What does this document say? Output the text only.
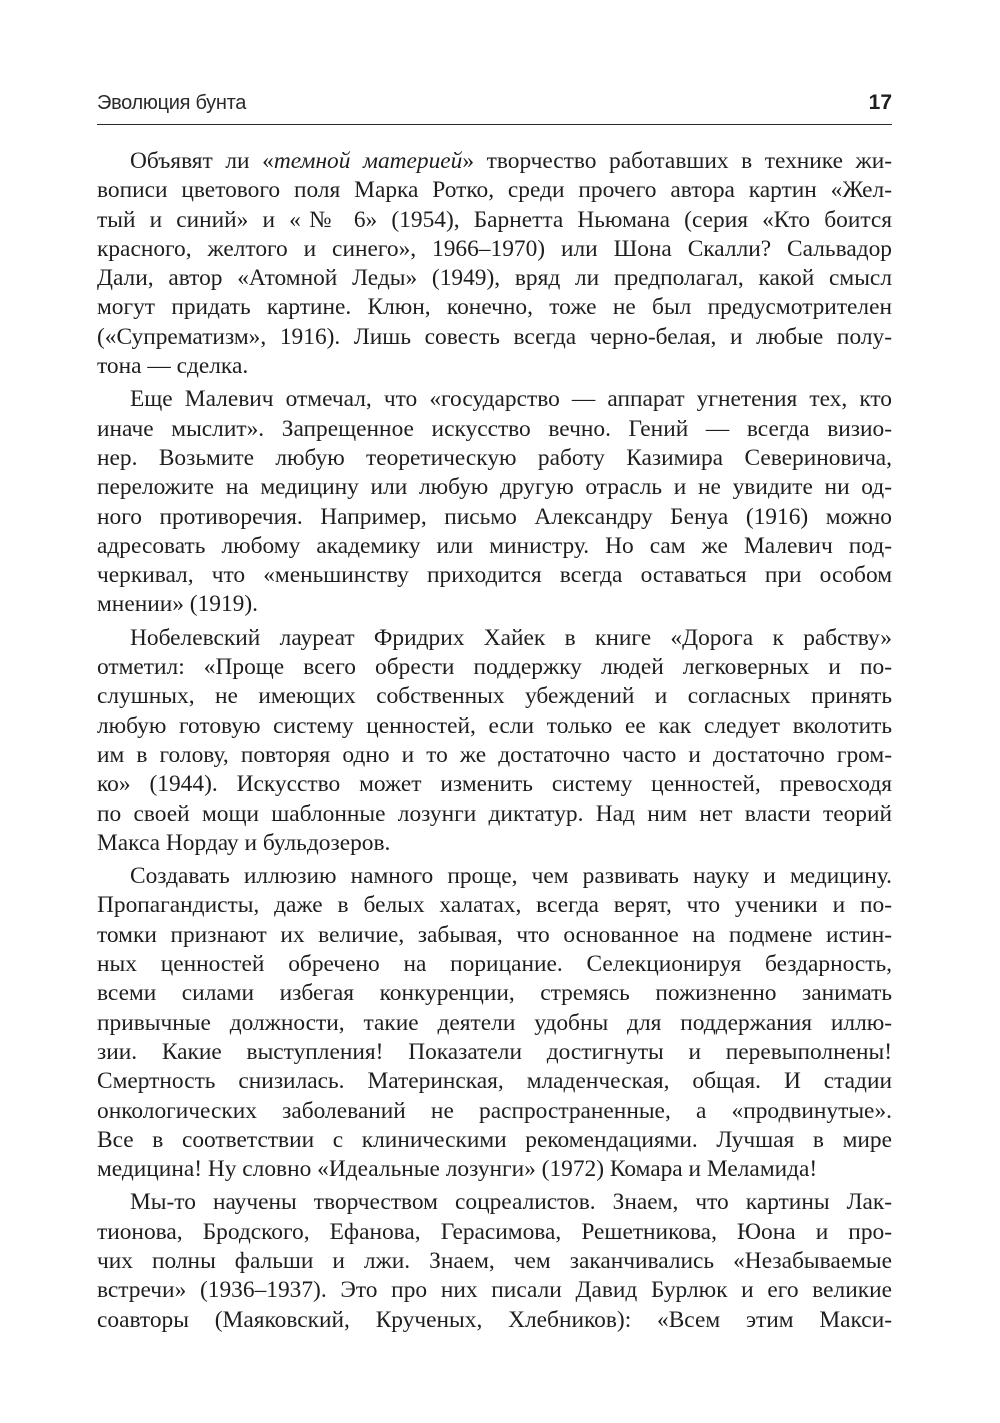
Эволюция бунта	17
Объявят ли «темной материей» творчество работавших в технике жи-
вописи цветового поля Марка Ротко, среди прочего автора картин «Жел-
тый и синий» и «№ 6» (1954), Барнетта Ньюмана (серия «Кто боится
красного, желтого и синего», 1966–1970) или Шона Скалли? Сальвадор
Дали, автор «Атомной Леды» (1949), вряд ли предполагал, какой смысл
могут придать картине. Клюн, конечно, тоже не был предусмотрителен
(«Супрематизм», 1916). Лишь совесть всегда черно-белая, и любые полу-
тона — сделка.
Еще Малевич отмечал, что «государство — аппарат угнетения тех, кто
иначе мыслит». Запрещенное искусство вечно. Гений — всегда визио-
нер. Возьмите любую теоретическую работу Казимира Севериновича,
переложите на медицину или любую другую отрасль и не увидите ни од-
ного противоречия. Например, письмо Александру Бенуа (1916) можно
адресовать любому академику или министру. Но сам же Малевич под-
черкивал, что «меньшинству приходится всегда оставаться при особом
мнении» (1919).
Нобелевский лауреат Фридрих Хайек в книге «Дорога к рабству»
отметил: «Проще всего обрести поддержку людей легковерных и по-
слушных, не имеющих собственных убеждений и согласных принять
любую готовую систему ценностей, если только ее как следует вколотить
им в голову, повторяя одно и то же достаточно часто и достаточно гром-
ко» (1944). Искусство может изменить систему ценностей, превосходя
по своей мощи шаблонные лозунги диктатур. Над ним нет власти теорий
Макса Нордау и бульдозеров.
Создавать иллюзию намного проще, чем развивать науку и медицину.
Пропагандисты, даже в белых халатах, всегда верят, что ученики и по-
томки признают их величие, забывая, что основанное на подмене истин-
ных ценностей обречено на порицание. Селекционируя бездарность,
всеми силами избегая конкуренции, стремясь пожизненно занимать
привычные должности, такие деятели удобны для поддержания иллю-
зии. Какие выступления! Показатели достигнуты и перевыполнены!
Смертность снизилась. Материнская, младенческая, общая. И стадии
онкологических заболеваний не распространенные, а «продвинутые».
Все в соответствии с клиническими рекомендациями. Лучшая в мире
медицина! Ну словно «Идеальные лозунги» (1972) Комара и Меламида!
Мы-то научены творчеством соцреалистов. Знаем, что картины Лак-
тионова, Бродского, Ефанова, Герасимова, Решетникова, Юона и про-
чих полны фальши и лжи. Знаем, чем заканчивались «Незабываемые
встречи» (1936–1937). Это про них писали Давид Бурлюк и его великие
соавторы (Маяковский, Крученых, Хлебников): «Всем этим Макси-
